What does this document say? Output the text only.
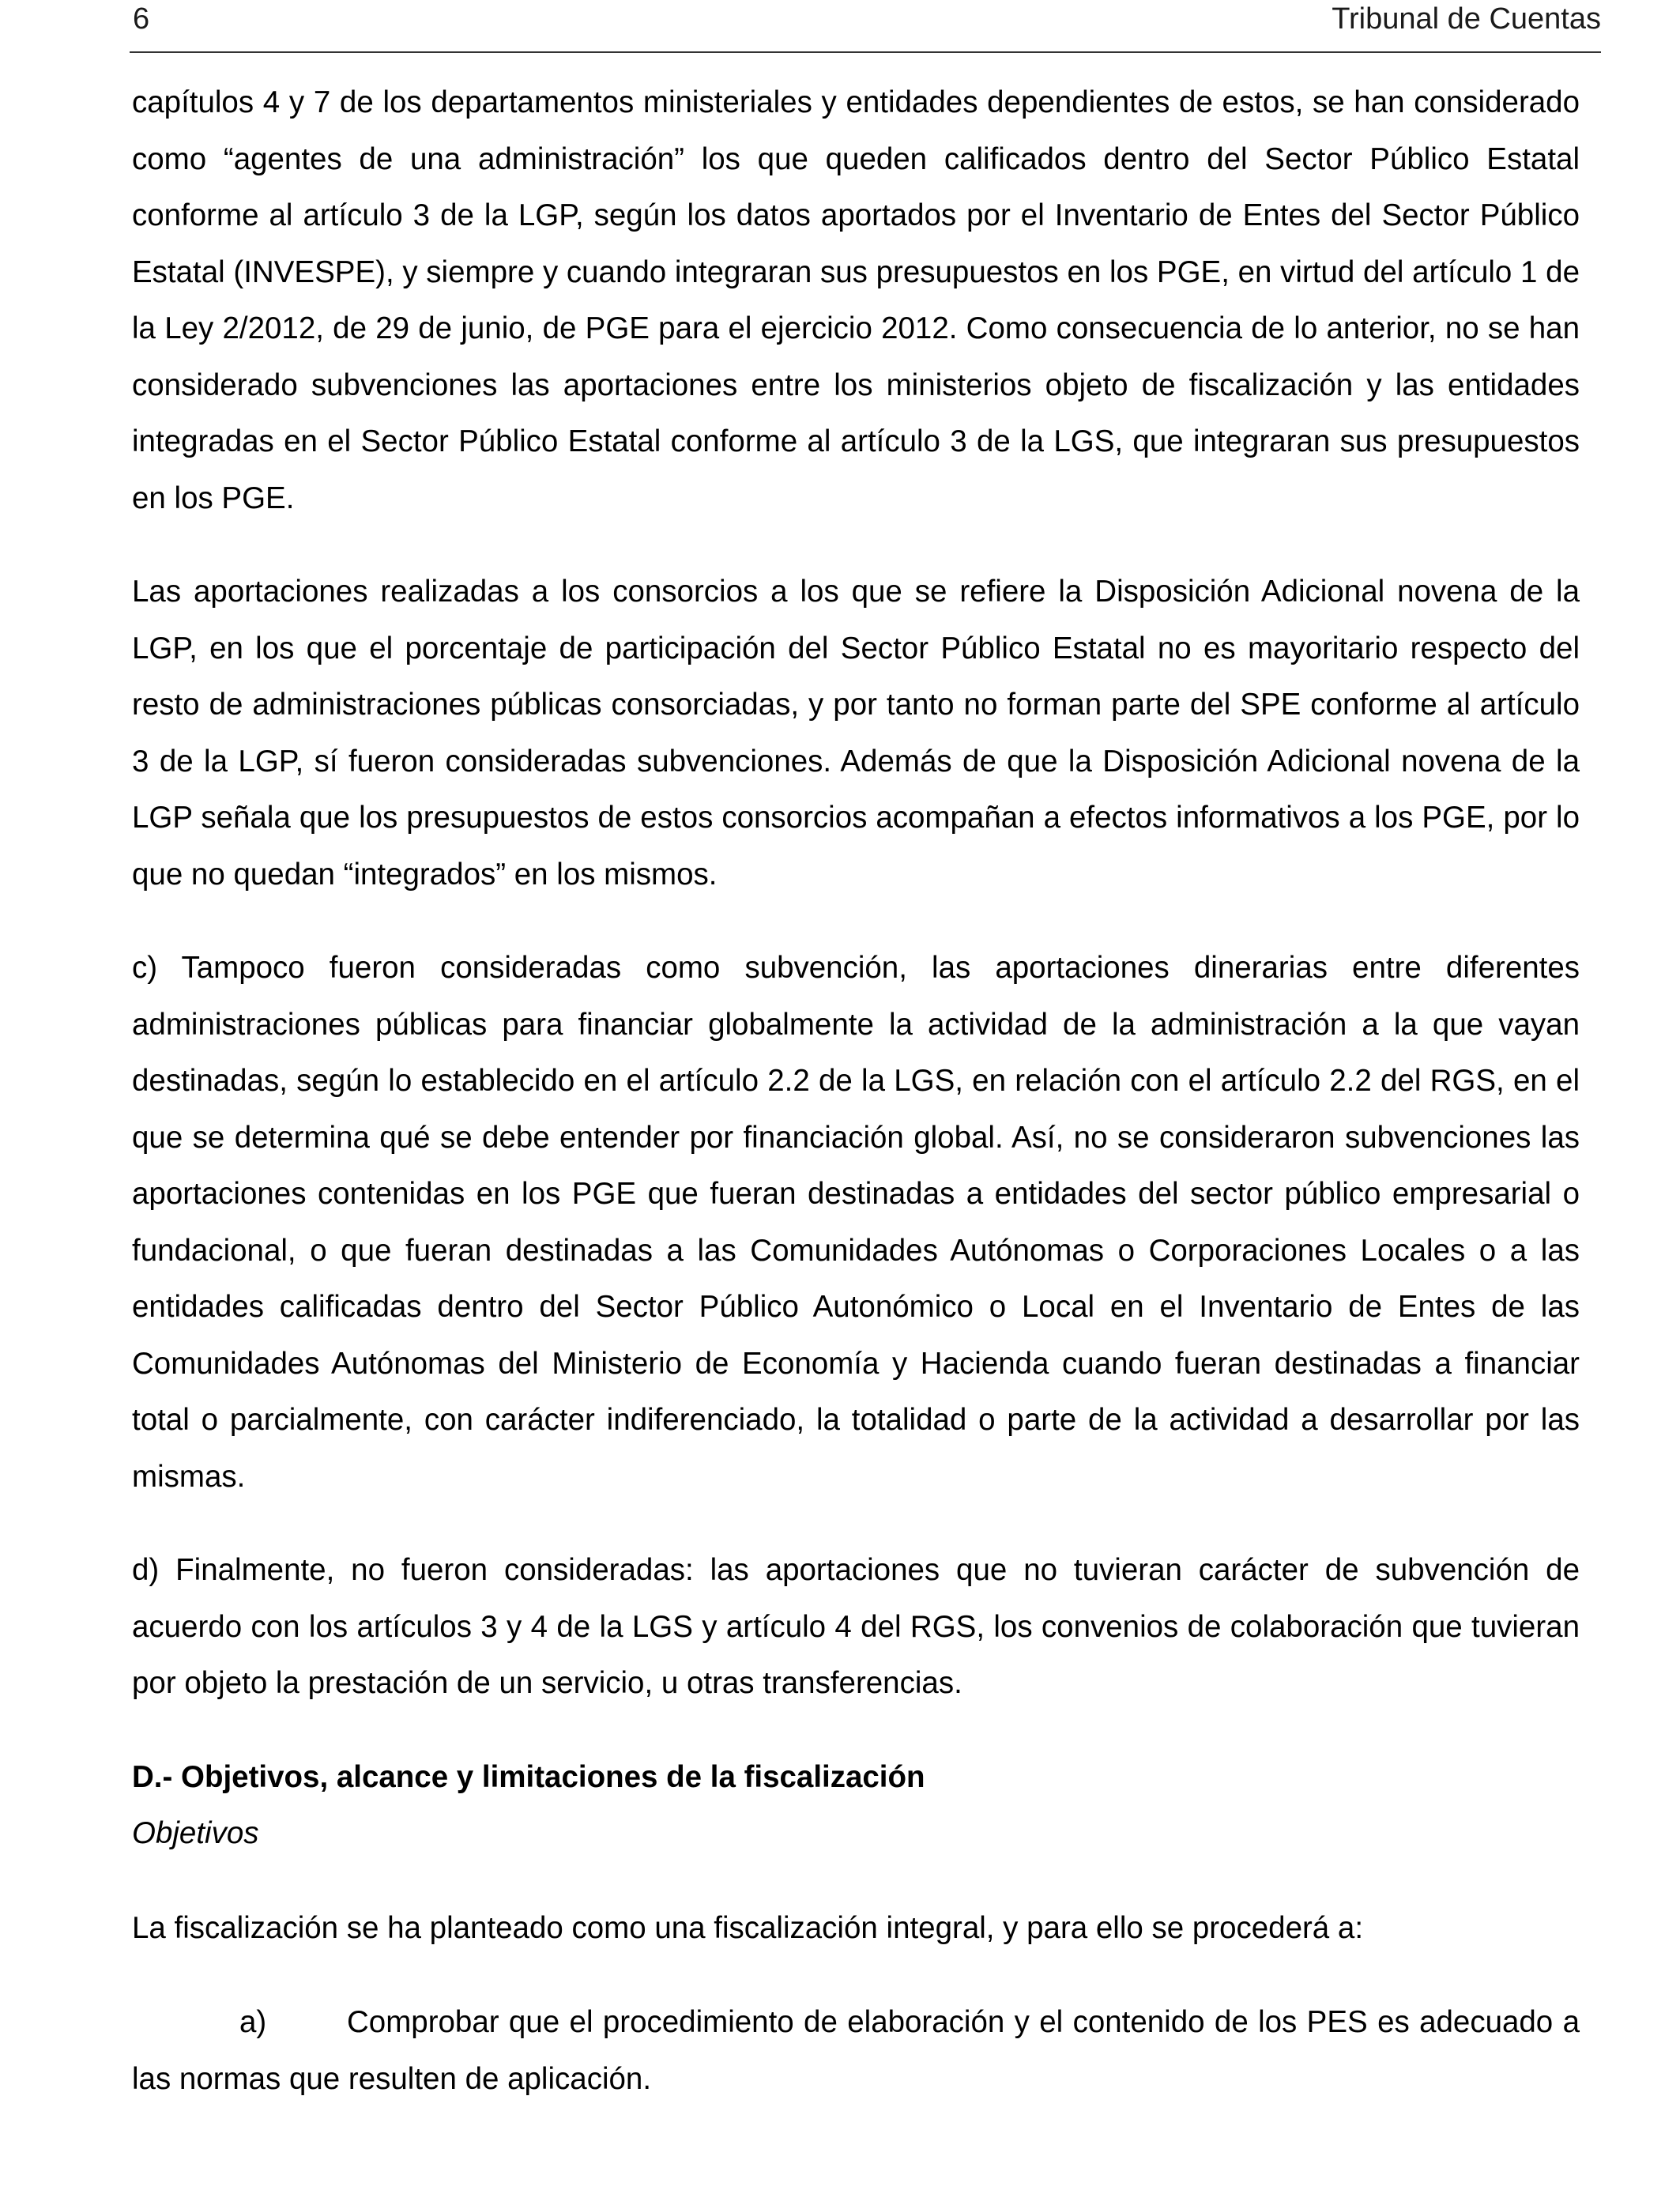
6	Tribunal de Cuentas

capítulos 4 y 7 de los departamentos ministeriales y entidades dependientes de estos, se han considerado como “agentes de una administración” los que queden calificados dentro del Sector Público Estatal conforme al artículo 3 de la LGP, según los datos aportados por el Inventario de Entes del Sector Público Estatal (INVESPE), y siempre y cuando integraran sus presupuestos en los PGE, en virtud del artículo 1 de la Ley 2/2012, de 29 de junio, de PGE para el ejercicio 2012. Como consecuencia de lo anterior, no se han considerado subvenciones las aportaciones entre los ministerios objeto de fiscalización y las entidades integradas en el Sector Público Estatal conforme al artículo 3 de la LGS, que integraran sus presupuestos en los PGE.

Las aportaciones realizadas a los consorcios a los que se refiere la Disposición Adicional novena de la LGP, en los que el porcentaje de participación del Sector Público Estatal no es mayoritario respecto del resto de administraciones públicas consorciadas, y por tanto no forman parte del SPE conforme al artículo 3 de la LGP, sí fueron consideradas subvenciones. Además de que la Disposición Adicional novena de la LGP señala que los presupuestos de estos consorcios acompañan a efectos informativos a los PGE, por lo que no quedan “integrados” en los mismos.

c) Tampoco fueron consideradas como subvención, las aportaciones dinerarias entre diferentes administraciones públicas para financiar globalmente la actividad de la administración a la que vayan destinadas, según lo establecido en el artículo 2.2 de la LGS, en relación con el artículo 2.2 del RGS, en el que se determina qué se debe entender por financiación global. Así, no se consideraron subvenciones las aportaciones contenidas en los PGE que fueran destinadas a entidades del sector público empresarial o fundacional, o que fueran destinadas a las Comunidades Autónomas o Corporaciones Locales o a las entidades calificadas dentro del Sector Público Autonómico o Local en el Inventario de Entes de las Comunidades Autónomas del Ministerio de Economía y Hacienda cuando fueran destinadas a financiar total o parcialmente, con carácter indiferenciado, la totalidad o parte de la actividad a desarrollar por las mismas.

d) Finalmente, no fueron consideradas: las aportaciones que no tuvieran carácter de subvención de acuerdo con los artículos 3 y 4 de la LGS y artículo 4 del RGS, los convenios de colaboración que tuvieran por objeto la prestación de un servicio, u otras transferencias.

D.- Objetivos, alcance y limitaciones de la fiscalización

Objetivos

La fiscalización se ha planteado como una fiscalización integral, y para ello se procederá a:

a)	Comprobar que el procedimiento de elaboración y el contenido de los PES es adecuado a las normas que resulten de aplicación.
